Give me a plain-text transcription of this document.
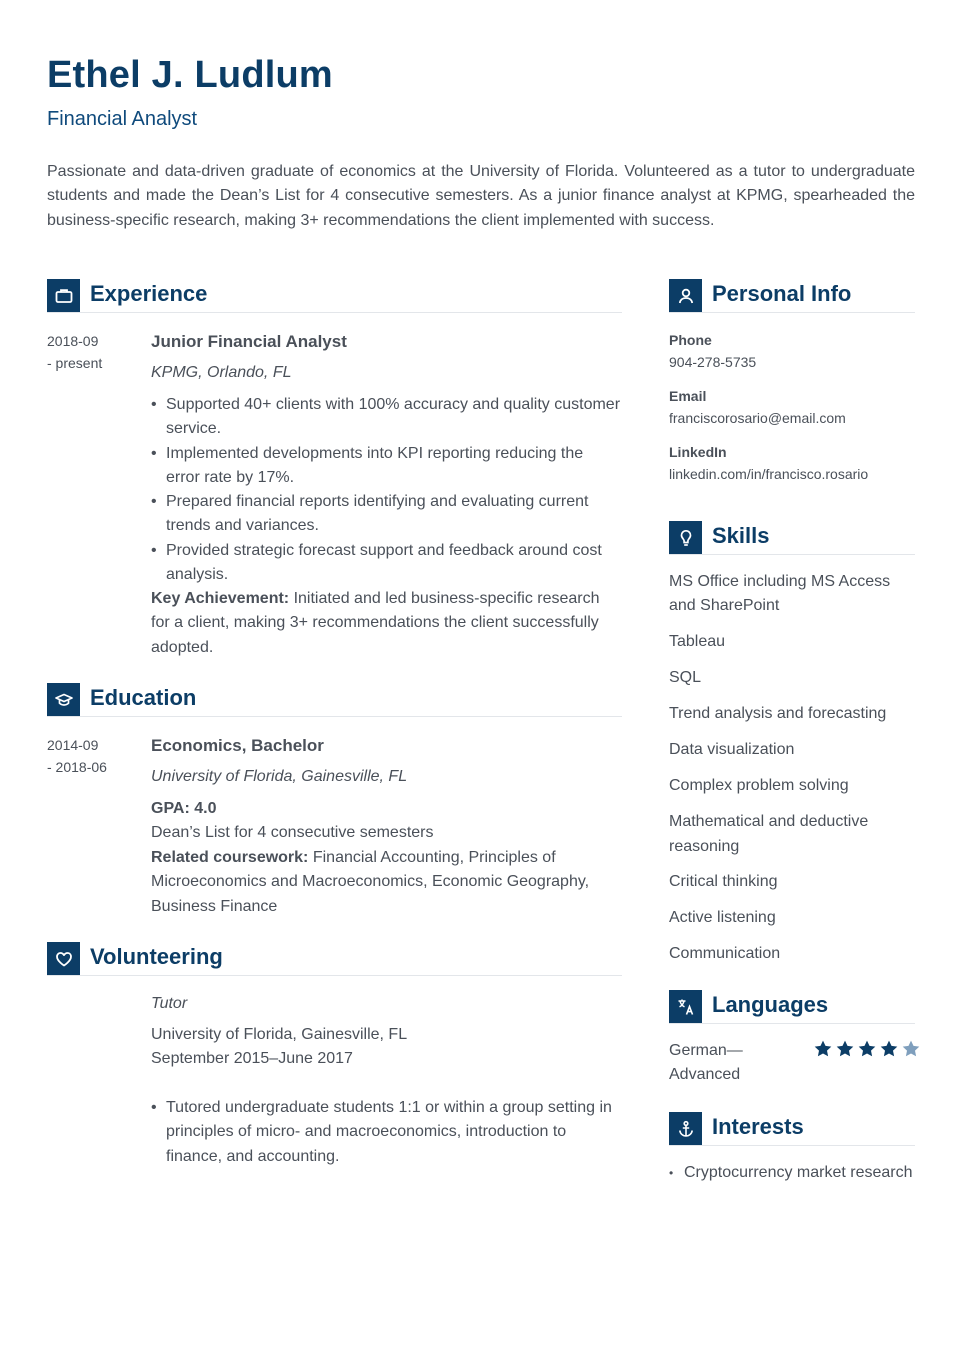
Ethel J. Ludlum
Financial Analyst

Passionate and data-driven graduate of economics at the University of Florida. Volunteered as a tutor to undergraduate students and made the Dean’s List for 4 consecutive semesters. As a junior finance analyst at KPMG, spearheaded the business-specific research, making 3+ recommendations the client implemented with success.

Experience
2018-09
- present
Junior Financial Analyst
KPMG, Orlando, FL
• Supported 40+ clients with 100% accuracy and quality customer service.
• Implemented developments into KPI reporting reducing the error rate by 17%.
• Prepared financial reports identifying and evaluating current trends and variances.
• Provided strategic forecast support and feedback around cost analysis.
Key Achievement: Initiated and led business-specific research for a client, making 3+ recommendations the client successfully adopted.
Education
2014-09
- 2018-06
Economics, Bachelor
University of Florida, Gainesville, FL
GPA: 4.0
Dean’s List for 4 consecutive semesters
Related coursework: Financial Accounting, Principles of Microeconomics and Macroeconomics, Economic Geography, Business Finance
Volunteering
Tutor
University of Florida, Gainesville, FL
September 2015–June 2017
• Tutored undergraduate students 1:1 or within a group setting in principles of micro- and macroeconomics, introduction to finance, and accounting.
Personal Info
Phone
904-278-5735
Email
franciscorosario@email.com
LinkedIn
linkedin.com/in/francisco.rosario
Skills
MS Office including MS Access and SharePoint
Tableau
SQL
Trend analysis and forecasting
Data visualization
Complex problem solving
Mathematical and deductive reasoning
Critical thinking
Active listening
Communication
Languages
German—Advanced
Interests
• Cryptocurrency market research
